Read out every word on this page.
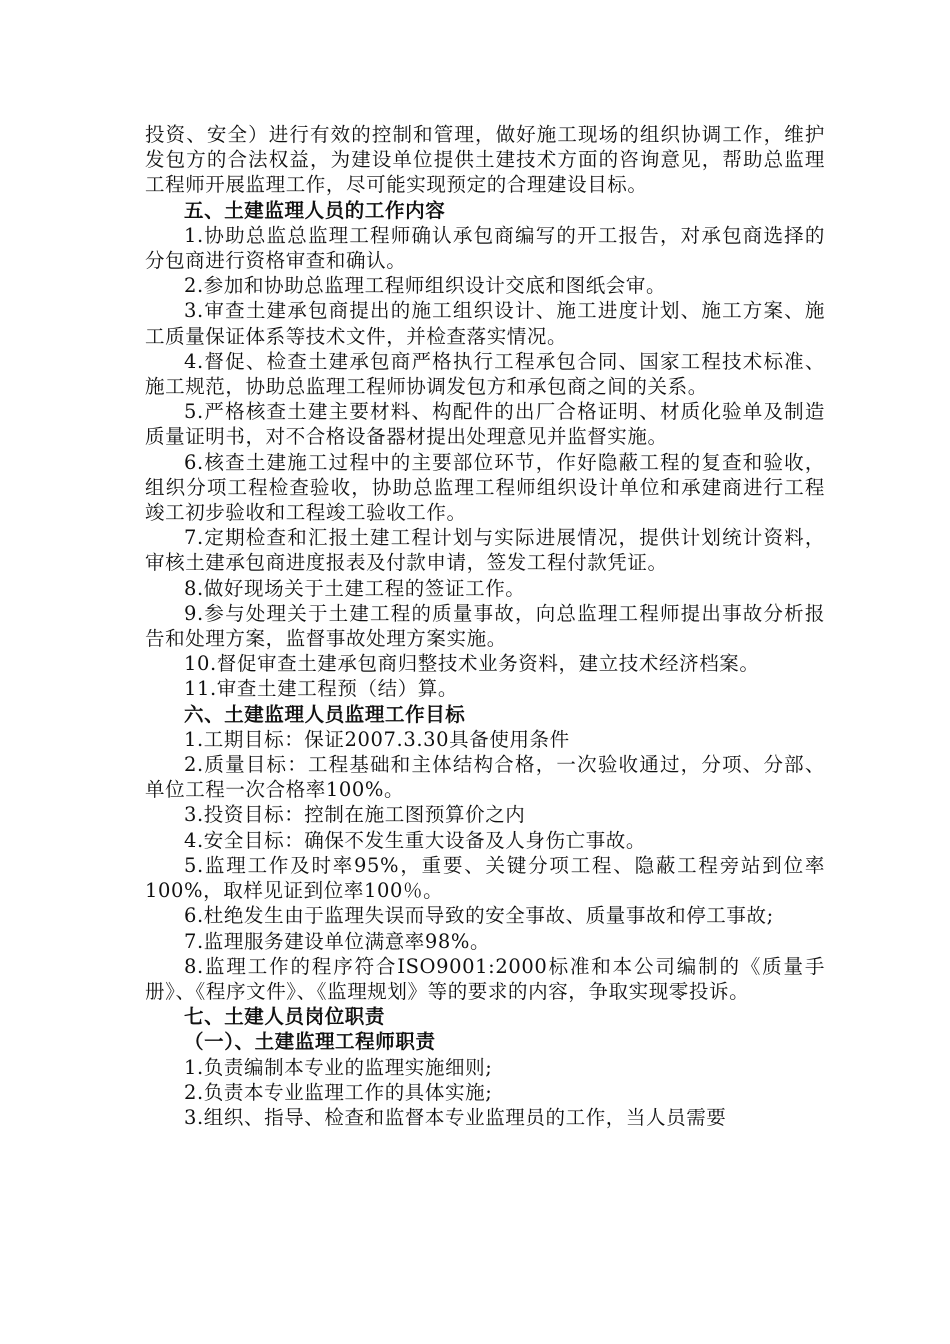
投资、安全）进行有效的控制和管理，做好施工现场的组织协调工作，维护发包方的合法权益，为建设单位提供土建技术方面的咨询意见，帮助总监理工程师开展监理工作，尽可能实现预定的合理建设目标。

五、土建监理人员的工作内容

1.协助总监总监理工程师确认承包商编写的开工报告，对承包商选择的分包商进行资格审查和确认。

2.参加和协助总监理工程师组织设计交底和图纸会审。

3.审查土建承包商提出的施工组织设计、施工进度计划、施工方案、施工质量保证体系等技术文件，并检查落实情况。

4.督促、检查土建承包商严格执行工程承包合同、国家工程技术标准、施工规范，协助总监理工程师协调发包方和承包商之间的关系。

5.严格核查土建主要材料、构配件的出厂合格证明、材质化验单及制造质量证明书，对不合格设备器材提出处理意见并监督实施。

6.核查土建施工过程中的主要部位环节，作好隐蔽工程的复查和验收，组织分项工程检查验收，协助总监理工程师组织设计单位和承建商进行工程竣工初步验收和工程竣工验收工作。

7.定期检查和汇报土建工程计划与实际进展情况，提供计划统计资料，审核土建承包商进度报表及付款申请，签发工程付款凭证。

8.做好现场关于土建工程的签证工作。

9.参与处理关于土建工程的质量事故，向总监理工程师提出事故分析报告和处理方案，监督事故处理方案实施。

10.督促审查土建承包商归整技术业务资料，建立技术经济档案。

11.审查土建工程预（结）算。

六、土建监理人员监理工作目标

1.工期目标：保证2007.3.30具备使用条件

2.质量目标：工程基础和主体结构合格，一次验收通过，分项、分部、单位工程一次合格率100%。

3.投资目标：控制在施工图预算价之内

4.安全目标：确保不发生重大设备及人身伤亡事故。

5.监理工作及时率95%，重要、关键分项工程、隐蔽工程旁站到位率100%，取样见证到位率100％。

6.杜绝发生由于监理失误而导致的安全事故、质量事故和停工事故;

7.监理服务建设单位满意率98%。

8.监理工作的程序符合ISO9001:2000标准和本公司编制的《质量手册》、《程序文件》、《监理规划》等的要求的内容，争取实现零投诉。

七、土建人员岗位职责

（一）、土建监理工程师职责

1.负责编制本专业的监理实施细则;

2.负责本专业监理工作的具体实施;

3.组织、指导、检查和监督本专业监理员的工作，当人员需要
